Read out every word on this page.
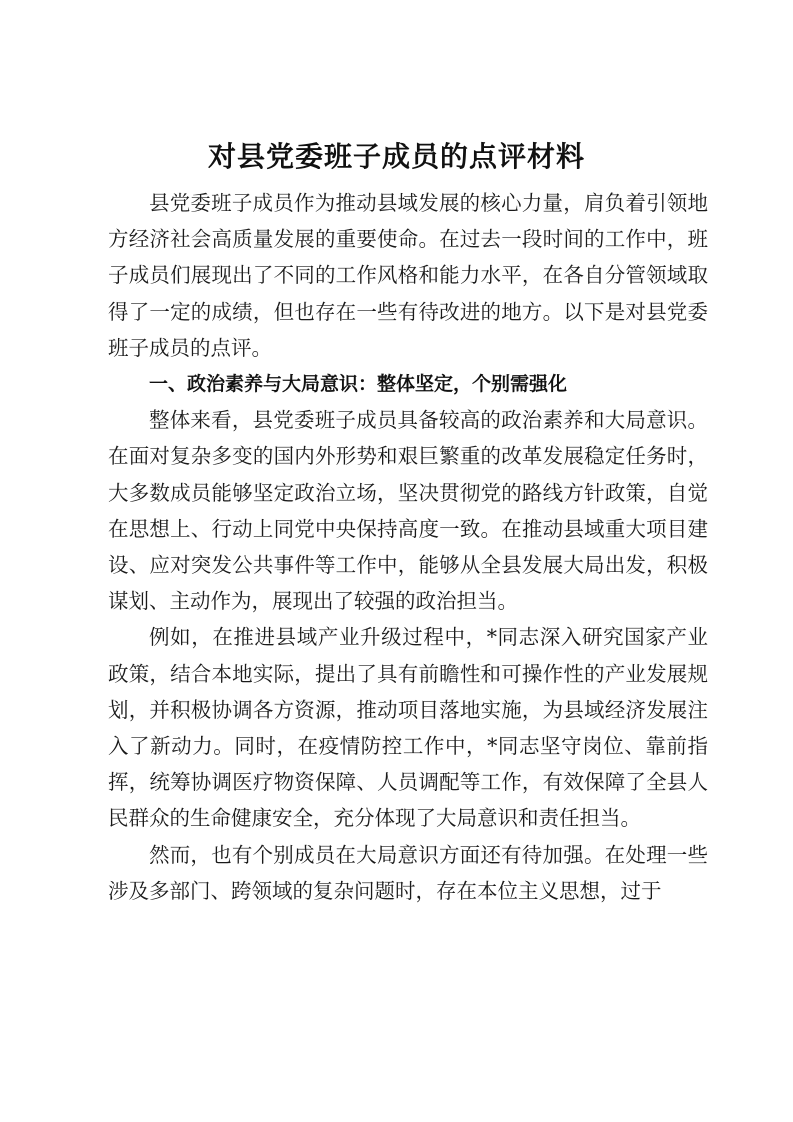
对县党委班子成员的点评材料

县党委班子成员作为推动县域发展的核心力量，肩负着引领地方经济社会高质量发展的重要使命。在过去一段时间的工作中，班子成员们展现出了不同的工作风格和能力水平，在各自分管领域取得了一定的成绩，但也存在一些有待改进的地方。以下是对县党委班子成员的点评。

一、政治素养与大局意识：整体坚定，个别需强化

整体来看，县党委班子成员具备较高的政治素养和大局意识。在面对复杂多变的国内外形势和艰巨繁重的改革发展稳定任务时，大多数成员能够坚定政治立场，坚决贯彻党的路线方针政策，自觉在思想上、行动上同党中央保持高度一致。在推动县域重大项目建设、应对突发公共事件等工作中，能够从全县发展大局出发，积极谋划、主动作为，展现出了较强的政治担当。

例如，在推进县域产业升级过程中，*同志深入研究国家产业政策，结合本地实际，提出了具有前瞻性和可操作性的产业发展规划，并积极协调各方资源，推动项目落地实施，为县域经济发展注入了新动力。同时，在疫情防控工作中，*同志坚守岗位、靠前指挥，统筹协调医疗物资保障、人员调配等工作，有效保障了全县人民群众的生命健康安全，充分体现了大局意识和责任担当。

然而，也有个别成员在大局意识方面还有待加强。在处理一些涉及多部门、跨领域的复杂问题时，存在本位主义思想，过于
